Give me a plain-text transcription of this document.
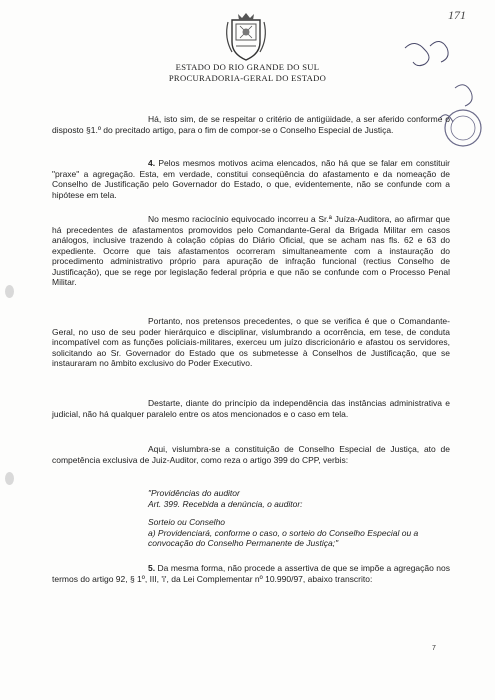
ESTADO DO RIO GRANDE DO SUL
PROCURADORIA-GERAL DO ESTADO
171

Há, isto sim, de se respeitar o critério de antigüidade, a ser aferido conforme o disposto §1.º do precitado artigo, para o fim de compor-se o Conselho Especial de Justiça.

4. Pelos mesmos motivos acima elencados, não há que se falar em constituir "praxe" a agregação. Esta, em verdade, constitui conseqüência do afastamento e da nomeação de Conselho de Justificação pelo Governador do Estado, o que, evidentemente, não se confunde com a hipótese em tela.

No mesmo raciocínio equivocado incorreu a Sr.ª Juíza-Auditora, ao afirmar que há precedentes de afastamentos promovidos pelo Comandante-Geral da Brigada Militar em casos análogos, inclusive trazendo à colação cópias do Diário Oficial, que se acham nas fls. 62 e 63 do expediente. Ocorre que tais afastamentos ocorreram simultaneamente com a instauração do procedimento administrativo próprio para apuração de infração funcional (rectius Conselho de Justificação), que se rege por legislação federal própria e que não se confunde com o Processo Penal Militar.

Portanto, nos pretensos precedentes, o que se verifica é que o Comandante-Geral, no uso de seu poder hierárquico e disciplinar, vislumbrando a ocorrência, em tese, de conduta incompatível com as funções policiais-militares, exerceu um juízo discricionário e afastou os servidores, solicitando ao Sr. Governador do Estado que os submetesse à Conselhos de Justificação, que se instauraram no âmbito exclusivo do Poder Executivo.

Destarte, diante do princípio da independência das instâncias administrativa e judicial, não há qualquer paralelo entre os atos mencionados e o caso em tela.

Aqui, vislumbra-se a constituição de Conselho Especial de Justiça, ato de competência exclusiva de Juiz-Auditor, como reza o artigo 399 do CPP, verbis:

"Providências do auditor

Art. 399. Recebida a denúncia, o auditor:

Sorteio ou Conselho

a) Providenciará, conforme o caso, o sorteio do Conselho Especial ou a convocação do Conselho Permanente de Justiça;"

5. Da mesma forma, não procede a assertiva de que se impõe a agregação nos termos do artigo 92, § 1º, III, 'i', da Lei Complementar nº 10.990/97, abaixo transcrito:

7
